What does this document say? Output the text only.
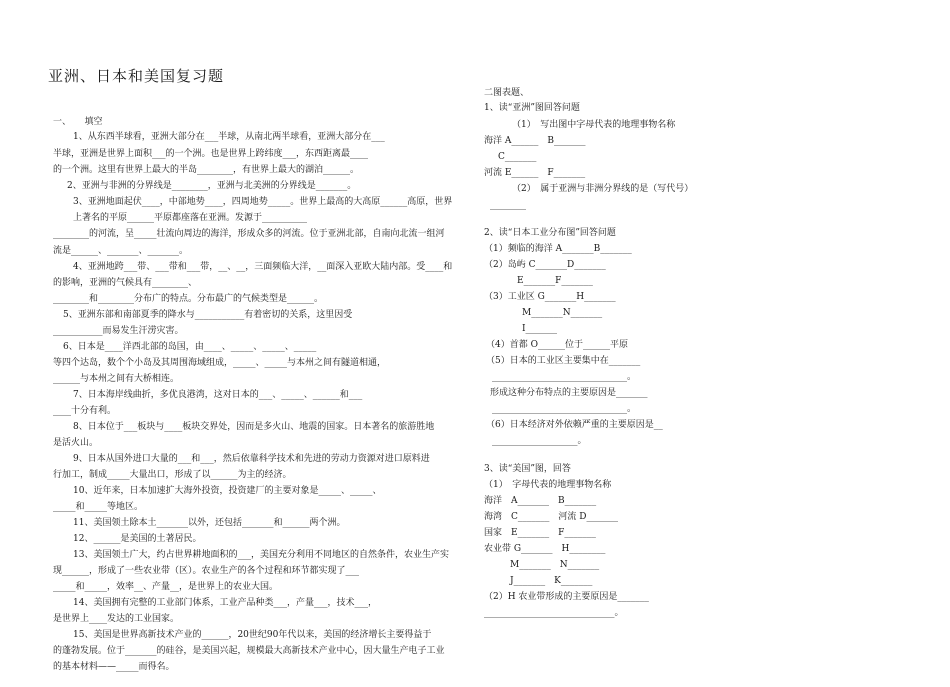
亚洲、日本和美国复习题
一、　　填空
1、从东西半球看，亚洲大部分在___半球，从南北两半球看，亚洲大部分在___
半球，亚洲是世界上面积___的一个洲。也是世界上跨纬度___，东西距离最____
的一个洲。这里有世界上最大的半岛________，有世界上最大的湖泊______。
2、亚洲与非洲的分界线是________，亚洲与北美洲的分界线是_______。
3、亚洲地面起伏____，中部地势____，四周地势_____。世界上最高的大高原______高原，世界
上著名的平原______平原都座落在亚洲。发源于__________
________的河流，呈_____壮流向周边的海洋，形成众多的河流。位于亚洲北部，自南向北流一组河
流是______、_______、_______。
4、亚洲地跨___带、___带和___带，__、__，三面频临大洋，__面深入亚欧大陆内部。受____和
的影响，亚洲的气候具有________、
________和________分布广的特点。分布最广的气候类型是______。
5、亚洲东部和南部夏季的降水与___________有着密切的关系，这里因受
___________而易发生汗涝灾害。
6、日本是____洋西北部的岛国，由____、_____、_____、_____
等四个达岛，数个个小岛及其周围海域组成，_____、_____与本州之间有隧道相通，
______与本州之间有大桥相连。
7、日本海岸线曲折，多优良港湾，这对日本的___、_____、______和___
____十分有利。
8、日本位于___板块与____板块交界处，因而是多火山、地震的国家。日本著名的旅游胜地
是活火山。
9、日本从国外进口大量的___和___，然后依靠科学技术和先进的劳动力资源对进口原料进
行加工，制成_____大量出口，形成了以______为主的经济。
10、近年来，日本加速扩大海外投资，投资建厂的主要对象是_____、_____、
_____和_____等地区。
11、美国领土除本土_______以外，还包括_______和______两个洲。
12、______是美国的土著居民。
13、美国领土广大，约占世界耕地面积的___，美国充分利用不同地区的自然条件，农业生产实
现______，形成了一些农业带（区）。农业生产的各个过程和环节都实现了___
_____和_____，效率__、产量__，是世界上的农业大国。
14、美国拥有完整的工业部门体系，工业产品种类___，产量___，技术___，
是世界上____发达的工业国家。
15、美国是世界高新技术产业的______，20世纪90年代以来，美国的经济增长主要得益于
的蓬勃发展。位于_______的硅谷，是美国兴起，规模最大高新技术产业中心，因大量生产电子工业
的基本材料——_____而得名。
二图表题、
1、读“亚洲”图回答问题
（1）　写出图中字母代表的地理事物名称
海洋 A______　B_______
C_______
河流 E______　F_______
（2）　属于亚洲与非洲分界线的是（写代号）
________
2、读“日本工业分布图”回答问题
（1）频临的海洋 A_______B_______
（2）岛屿 C_______D_______
E_______F_______
（3）工业区 G_______H_______
M_______N_______
I_______
（4）首都 O______位于______平原
（5）日本的工业区主要集中在_______
______________________________。
形成这种分布特点的主要原因是_______
______________________________。
（6）日本经济对外依赖严重的主要原因是__
___________________。
3、读“美国”图，回答
（1）　字母代表的地理事物名称
海洋　A_______　B_______
海湾　C_______　河流 D_______
国家　E_______　F_______
农业带 G_______　H________
M_______　N_______
J_______　K_______
（2）H 农业带形成的主要原因是_______
_____________________________。
